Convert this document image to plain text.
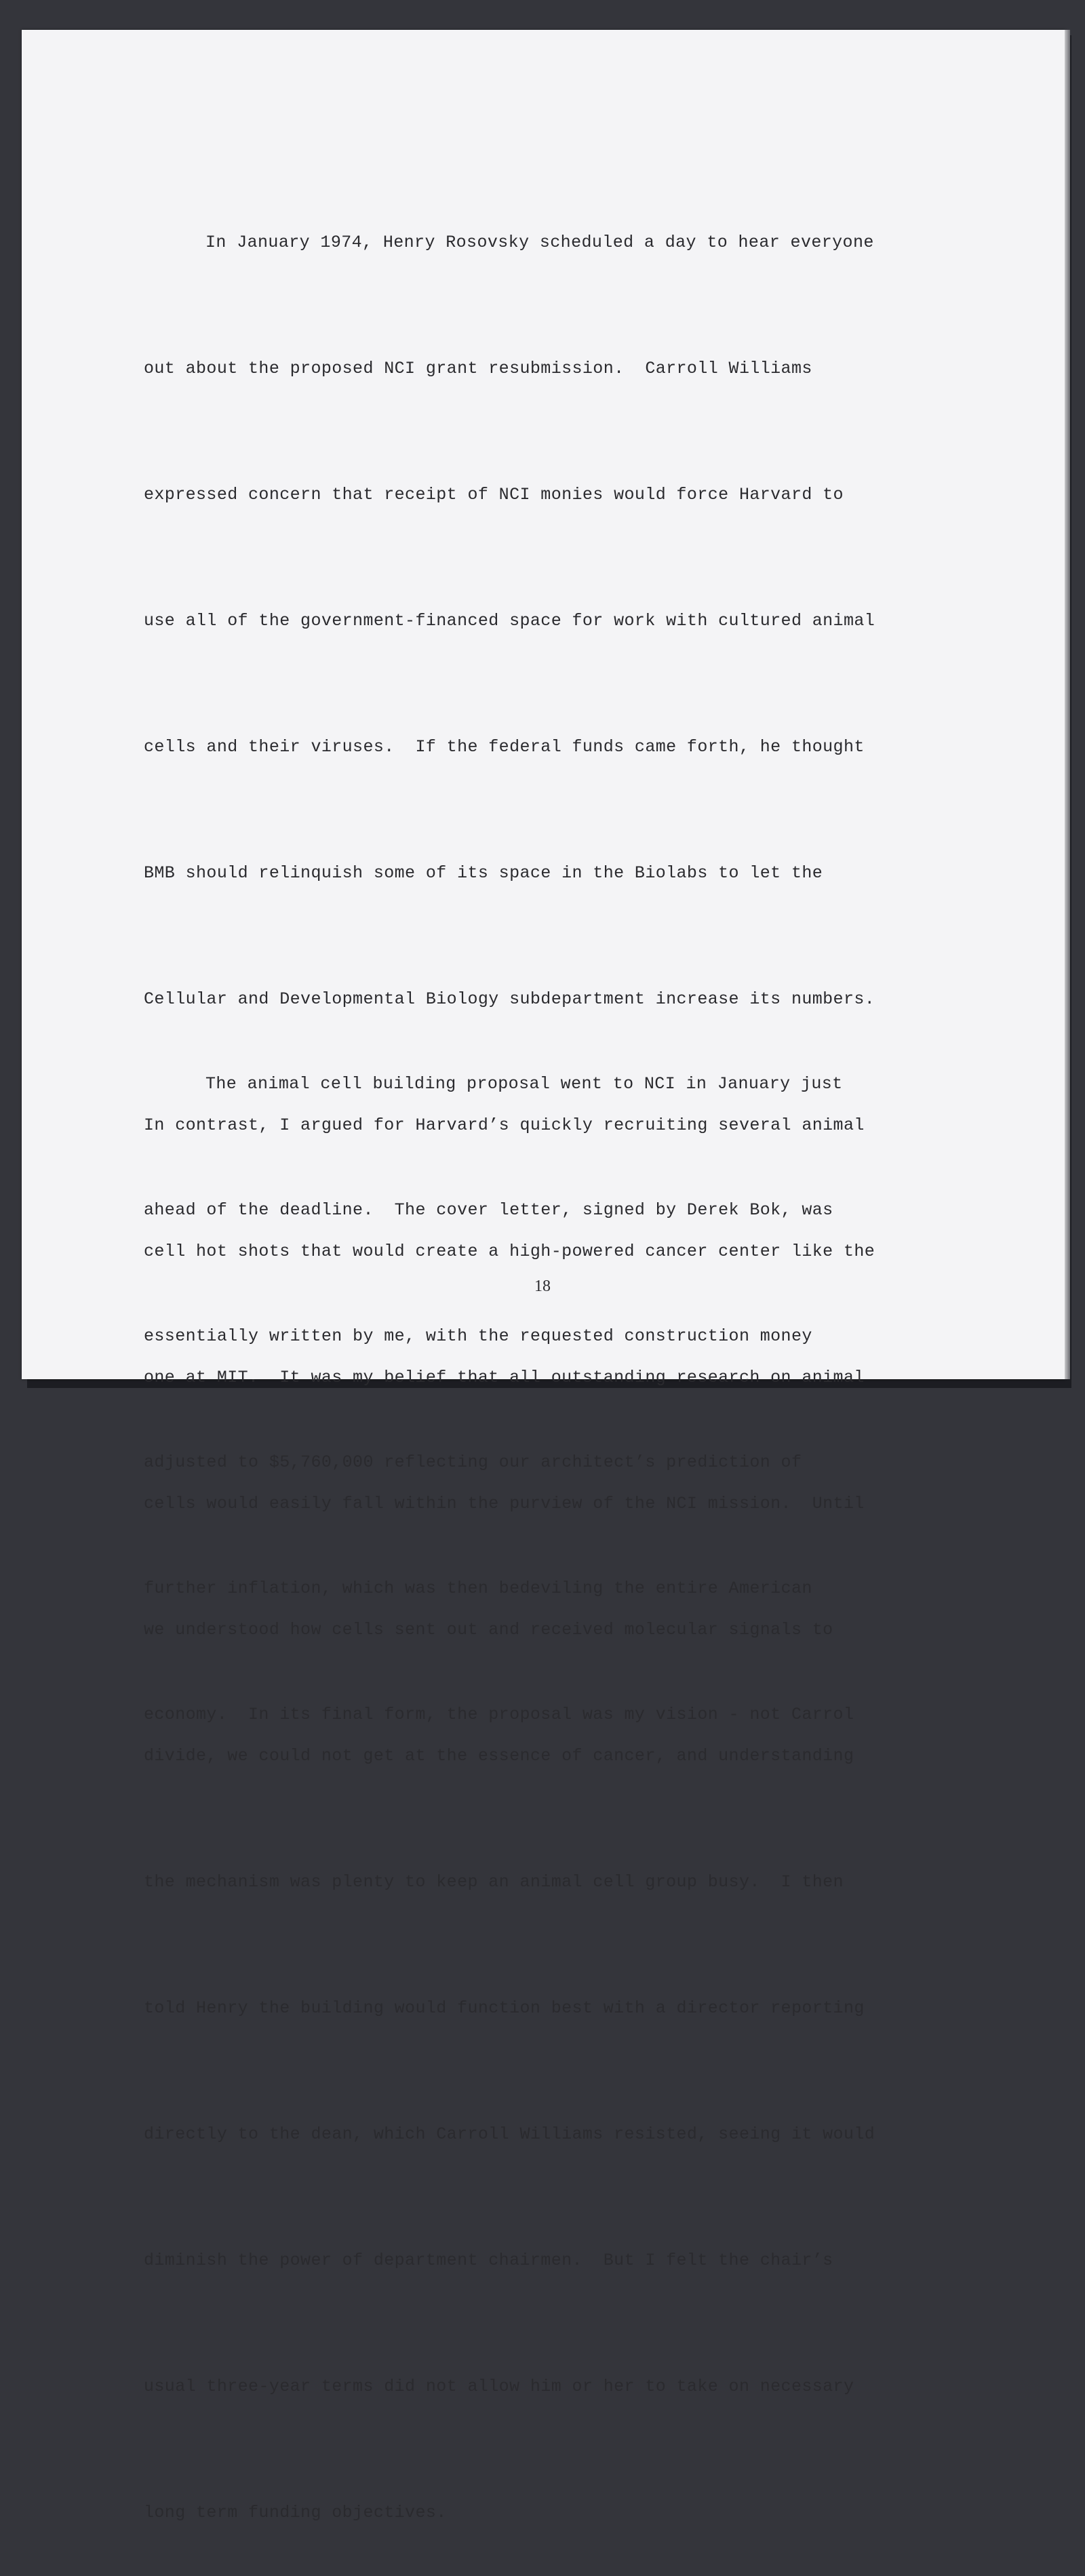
In January 1974, Henry Rosovsky scheduled a day to hear everyone

out about the proposed NCI grant resubmission.  Carroll Williams

expressed concern that receipt of NCI monies would force Harvard to

use all of the government-financed space for work with cultured animal

cells and their viruses.  If the federal funds came forth, he thought

BMB should relinquish some of its space in the Biolabs to let the

Cellular and Developmental Biology subdepartment increase its numbers.

In contrast, I argued for Harvard’s quickly recruiting several animal

cell hot shots that would create a high-powered cancer center like the

one at MIT.  It was my belief that all outstanding research on animal

cells would easily fall within the purview of the NCI mission.  Until

we understood how cells sent out and received molecular signals to

divide, we could not get at the essence of cancer, and understanding

the mechanism was plenty to keep an animal cell group busy.  I then

told Henry the building would function best with a director reporting

directly to the dean, which Carroll Williams resisted, seeing it would

diminish the power of department chairmen.  But I felt the chair’s

usual three-year terms did not allow him or her to take on necessary

long term funding objectives.

The animal cell building proposal went to NCI in January just

ahead of the deadline.  The cover letter, signed by Derek Bok, was

essentially written by me, with the requested construction money

adjusted to $5,760,000 reflecting our architect’s prediction of

further inflation, which was then bedeviling the entire American

economy.  In its final form, the proposal was my vision - not Carrol

18
